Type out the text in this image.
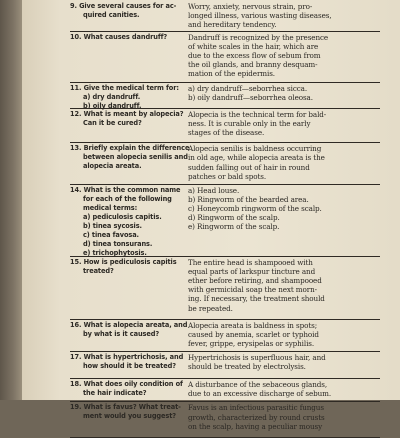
9. Give several causes for ac-
quired canities.
Worry, anxiety, nervous strain, pro-
longed illness, various wasting diseases,
and hereditary tendency.
10. What causes dandruff?	Dandruff is recognized by the presence
of white scales in the hair, which are
due to the excess flow of sebum from
the oil glands, and branny desquam-
mation of the epidermis.
11. Give the medical term for:
a) dry dandruff.
b) oily dandruff.
a) dry dandruff—seborrhea sicca.
b) oily dandruff—seborrhea oleosa.
12. What is meant by alopecia?
Can it be cured?
Alopecia is the technical term for bald-
ness. It is curable only in the early
stages of the disease.
13. Briefly explain the difference
between alopecia senilis and
alopecia areata.
Alopecia senilis is baldness occurring
in old age, while alopecia areata is the
sudden falling out of hair in round
patches or bald spots.
14. What is the common name
for each of the following
medical terms:
a) pediculosis capitis.
b) tinea sycosis.
c) tinea favosa.
d) tinea tonsurans.
e) trichophytosis.
a) Head louse.
b) Ringworm of the bearded area.
c) Honeycomb ringworm of the scalp.
d) Ringworm of the scalp.
e) Ringworm of the scalp.
15. How is pediculosis capitis
treated?
The entire head is shampooed with
equal parts of larkspur tincture and
ether before retiring, and shampooed
with germicidal soap the next morn-
ing. If necessary, the treatment should
be repeated.
16. What is alopecia areata, and
by what is it caused?
Alopecia areata is baldness in spots;
caused by anemia, scarlet or typhoid
fever, grippe, erysipelas or syphilis.
17. What is hypertrichosis, and
how should it be treated?
Hypertrichosis is superfluous hair, and
should be treated by electrolysis.
18. What does oily condition of
the hair indicate?
A disturbance of the sebaceous glands,
due to an excessive discharge of sebum.
19. What is favus? What treat-
ment would you suggest?
Favus is an infectious parasitic fungus
growth, characterized by round crusts
on the scalp, having a peculiar mousy
